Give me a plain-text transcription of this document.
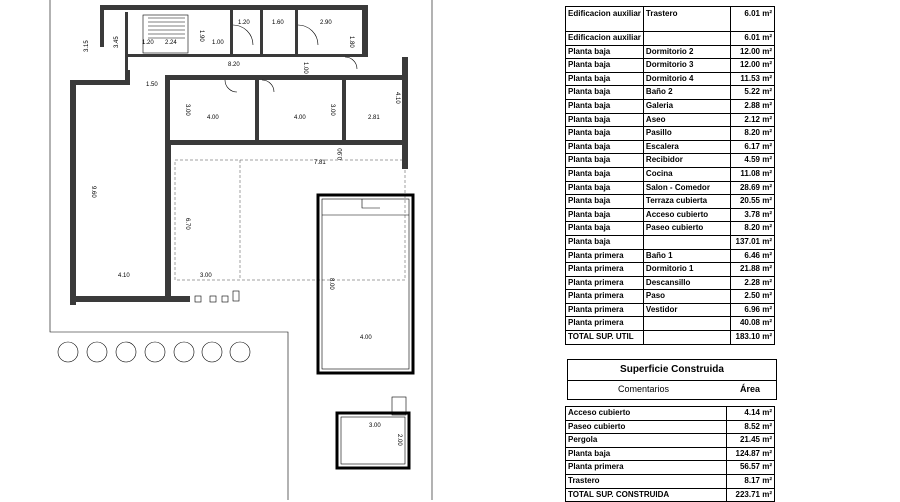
1.20	1.60	2.90
1.80
1.90
2.24	1.00
3.45
3.15	1.20
8.20	1.00
1.50
3.00
4.00	4.00
3.00
2.81
4.10
7.81
0.90
9.60
6.70
4.10	3.00
8.00
4.00
3.00
2.00
Edificacion auxiliar	Trastero	6.01 m²
Edificacion auxiliar		6.01 m²
Planta baja	Dormitorio 2	12.00 m²
Planta baja	Dormitorio 3	12.00 m²
Planta baja	Dormitorio 4	11.53 m²
Planta baja	Baño 2	5.22 m²
Planta baja	Galeria	2.88 m²
Planta baja	Aseo	2.12 m²
Planta baja	Pasillo	8.20 m²
Planta baja	Escalera	6.17 m²
Planta baja	Recibidor	4.59 m²
Planta baja	Cocina	11.08 m²
Planta baja	Salon - Comedor	28.69 m²
Planta baja	Terraza cubierta	20.55 m²
Planta baja	Acceso cubierto	3.78 m²
Planta baja	Paseo cubierto	8.20 m²
Planta baja		137.01 m²
Planta primera	Baño 1	6.46 m²
Planta primera	Dormitorio 1	21.88 m²
Planta primera	Descansillo	2.28 m²
Planta primera	Paso	2.50 m²
Planta primera	Vestidor	6.96 m²
Planta primera		40.08 m²
TOTAL SUP. UTIL		183.10 m²
Superficie Construida
Comentarios	Área
Acceso cubierto	4.14 m²
Paseo cubierto	8.52 m²
Pergola	21.45 m²
Planta baja	124.87 m²
Planta primera	56.57 m²
Trastero	8.17 m²
TOTAL SUP. CONSTRUIDA	223.71 m²
